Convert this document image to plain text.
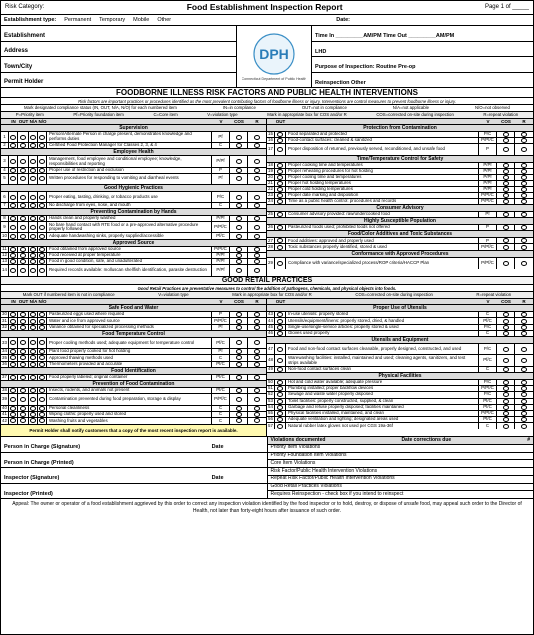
Risk Category:	Food Establishment Inspection Report	Page 1 of _____
Establishment type: Permanent Temporary Mobile Other	Date:
Establishment
Address
Town/City
Permit Holder
DPH
Connecticut Department of Public Health
Time In _________AM/PM Time Out _________AM/PM
LHD
Purpose of Inspection: Routine Pre-op
Reinspection Other
FOODBORNE ILLNESS RISK FACTORS AND PUBLIC HEALTH INTERVENTIONS
Risk factors are important practices or procedures identified as the most prevalent contributing factors of foodborne illness or injury. Interventions are control measures to prevent foodborne illness or injury.
Mark designated compliance status (IN, OUT, N/A, N/O) for each numbered item	IN=in compliance	OUT=not in compliance	N/A=not applicable	N/O=not observed
P=Priority item	Pf=Priority foundation item	C=Core item	V=violation type	Mark in appropriate box for COS and/or R	COS=corrected on-site during inspection	R=repeat violation
IN OUT N/A N/O	V	COS	R
Supervision
1	Person/Alternate Person in charge present, demonstrates knowledge and performs duties	Pf
2	Certified Food Protection Manager for Classes 2, 3, & 4	C
Employee Health
3	Management, food employee and conditional employee; knowledge, responsibilities and reporting	P/Pf
4	Proper use of restriction and exclusion	P
5	Written procedures for responding to vomiting and diarrheal events	Pf
Good Hygienic Practices
6	Proper eating, tasting, drinking, or tobacco products use	P/C
7	No discharge from eyes, nose, and mouth	C
Preventing Contamination by Hands
8	Hands clean and properly washed	P/Pf
9	No bare hand contact with RTE food or a pre-approved alternative procedure properly followed	P/Pf/C
10	Adequate handwashing sinks, properly supplied/accessible	Pf/C
Approved Source
11	Food obtained from approved source	P/Pf/C
12	Food received at proper temperature	P/Pf
13	Food in good condition, safe, and unadulterated	P/Pf
14	Required records available: molluscan shellfish identification, parasite destruction	P/Pf
OUT	V	COS	R
Protection from Contamination
15	Food separated and protected	P/C
16	Food-contact surfaces: cleaned & sanitized	P/Pf/C
17	Proper disposition of returned, previously served, reconditioned, and unsafe food	P
Time/Temperature Control for Safety
18	Proper cooking time and temperatures	P/Pf
19	Proper reheating procedures for hot holding	P/Pf
20	Proper cooling time and temperatures	P/Pf
21	Proper hot holding temperatures	P/Pf
22	Proper cold holding temperatures	P/Pf
23	Proper date marking and disposition	P/Pf/C
24	Time as a public health control: procedures and records	P/Pf/C
Consumer Advisory
25	Consumer advisory provided: raw/undercooked food	Pf
Highly Susceptible Population
26	Pasteurized foods used; prohibited foods not offered	P
Food/Color Additives and Toxic Substances
27	Food additives: approved and properly used	P
28	Toxic substances properly identified, stored & used	P/Pf/C
Conformance with Approved Procedures
29	Compliance with variance/specialized process/ROP criteria/HACCP Plan	P/Pf/C
GOOD RETAIL PRACTICES
Good Retail Practices are preventative measures to control the addition of pathogens, chemicals, and physical objects into foods.
Mark OUT if numbered item is not in compliance	V=violation type	Mark in appropriate box for COS and/or R	COS=corrected on-site during inspection	R=repeat violation
IN OUT N/A N/O	V	COS	R
Safe Food and Water
30	Pasteurized eggs used where required	P
31	Water and ice from approved source	P/Pf/C
32	Variance obtained for specialized processing methods	Pf
Food Temperature Control
33	Proper cooling methods used; adequate equipment for temperature control	Pf/C
34	Plant food properly cooked for hot holding	Pf
35	Approved thawing methods used	C
36	Thermometers provided and accurate	Pf/C
Food Identification
37	Food properly labeled; original container	Pf/C
Prevention of Food Contamination
38	Insects, rodents, and animals not present	Pf/C
39	Contamination prevented during food preparation, storage & display	P/Pf/C
40	Personal cleanliness	C
41	Wiping cloths: properly used and stored	C
42	Washing fruits and vegetables	C
Permit Holder shall notify customers that a copy of the most recent inspection report is available.
OUT	V	COS	R
Proper Use of Utensils
43	In-use utensils: properly stored	C
44	Utensils/equipment/linens: properly stored, dried, & handled	Pf/C
45	Single-use/single-service articles: properly stored & used	P/C
46	Gloves used properly	C
Utensils and Equipment
47	Food and non-food contact surfaces cleanable, properly designed, constructed, and used	P/C
48	Warewashing facilities: installed, maintained and used; cleaning agents, sanitizers, and test strips available	Pf/C
49	Non-food contact surfaces clean	C
Physical Facilities
50	Hot and cold water available; adequate pressure	P/C
51	Plumbing installed; proper backflow devices	P/Pf/C
52	Sewage and waste water properly disposed	P/C
53	Toilet facilities: properly constructed, supplied, & clean	Pf/C
54	Garbage and refuse properly disposed; facilities maintained	Pf/C
55	Physical facilities installed, maintained, and clean	P/Pf/C
56	Adequate ventilation and lighting; designated areas used	Pf/C
57	Natural rubber latex gloves not used per CGS 19a-36f	C
Person in Charge (Signature)	Date
Person in Charge (Printed)
Inspector (Signature)	Date
Inspector (Printed)
Violations documented	Date corrections due	#
Priority Item Violations
Priority Foundation Item Violations
Core Item Violations
Risk Factor/Public Health Intervention Violations
Repeat Risk Factor/Public Health Intervention Violations
Good Retail Practices Violations
Requires Reinspection - check box if you intend to reinspect
Appeal: The owner or operator of a food establishment aggrieved by this order to correct any inspection violation identified by the food inspector or to hold, destroy, or dispose of unsafe food, may appeal such order to the Director of Health, not later than forty-eight hours after issuance of such order.
